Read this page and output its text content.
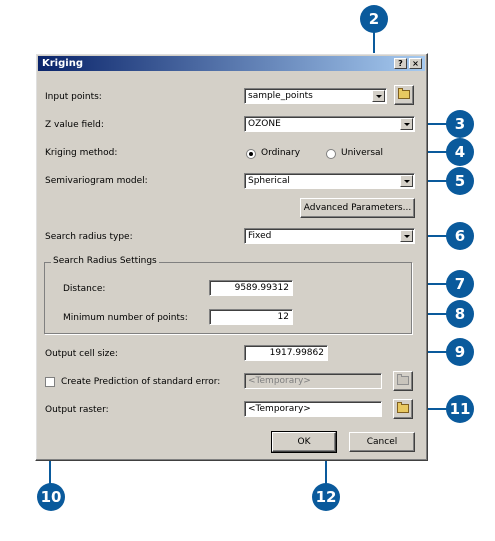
Kriging	?	×
Input points:	sample_points
Z value field:	OZONE
Kriging method:	Ordinary	Universal
Semivariogram model:	Spherical
Advanced Parameters...
Search radius type:	Fixed
Search Radius Settings
Distance:	9589.99312
Minimum number of points:	12
Output cell size:	1917.99862
Create Prediction of standard error:	<Temporary>
Output raster:	<Temporary>
OK	Cancel
2
3
4
5
6
7
8
9
10
11
12
